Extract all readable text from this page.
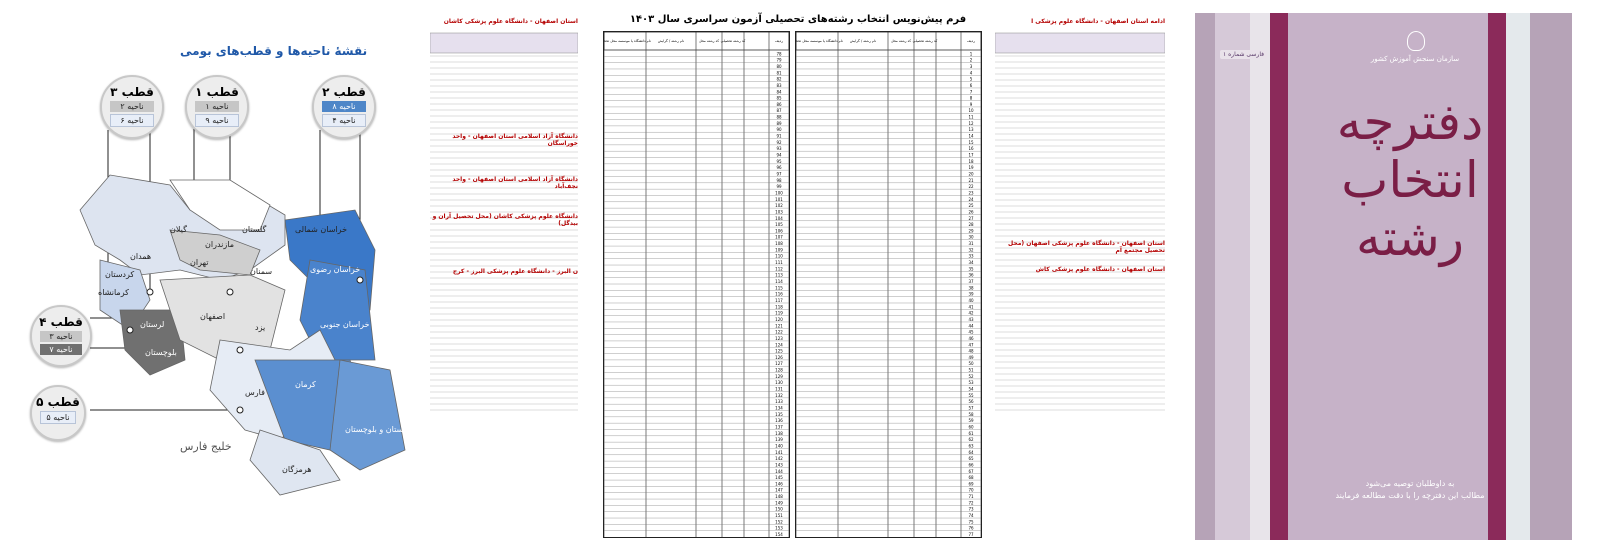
نقشهٔ ناحیه‌ها و قطب‌های بومی
قطب ۳
ناحیه ۲
ناحیه ۶
قطب ۱
ناحیه ۱
ناحیه ۹
قطب ۲
ناحیه ۸
ناحیه ۴
قطب ۴
ناحیه ۳
ناحیه ۷
قطب ۵
ناحیه ۵
گیلان
مازندران
گلستان	خراسان شمالی
خراسان رضوی
سمنان
تهران
همدان
کردستان
کرمانشاه
لرستان
اصفهان
یزد	خراسان جنوبی
کرمان
فارس
بلوچستان
هرمزگان
سیستان و بلوچستان
خلیج فارس
استان اصفهان - دانشگاه علوم پزشکی کاشان
دانشگاه آزاد اسلامی استان اصفهان - واحد خوراسگان
دانشگاه آزاد اسلامی استان اصفهان - واحد نجف‌آباد
دانشگاه علوم پزشکی کاشان (محل تحصیل آران و بیدگل)
ن البرز - دانشگاه علوم پزشکی البرز - کرج
فرم پیش‌نویس انتخاب رشته‌های تحصیلی آزمون سراسری سال ۱۴۰۳
نام دانشگاه یا موسسه محل تحصیل نام رشته / گرایش	کد رشته محل کد رشته تحصیلی	ردیف
78
79
80
81
82
83
84
85
86
87
88
89
90
91
92
93
94
95
96
97
98
99
100
101
102
103
104
105
106
107
108
109
110
111
112
113
114
115
116
117
118
119
120
121
122
123
124
125
126
127
128
129
130
131
132
133
134
135
136
137
138
139
140
141
142
143
144
145
146
147
148
149
150
151
152
153
154
نام دانشگاه یا موسسه محل تحصیل نام رشته / گرایش	کد رشته محل کد رشته تحصیلی	ردیف
1
2
3
4
5
6
7
8
9
10
11
12
13
14
15
16
17
18
19
20
21
22
23
24
25
26
27
28
29
30
31
32
33
34
35
36
37
38
39
40
41
42
43
44
45
46
47
48
49
50
51
52
53
54
55
56
57
58
59
60
61
62
63
64
65
66
67
68
69
70
71
72
73
74
75
76
77
ادامه استان اصفهان - دانشگاه علوم پزشکی ا
استان اصفهان - دانشگاه علوم پزشکی اصفهان (محل تحصیل مجتمع آم
استان اصفهان - دانشگاه علوم پزشکی کاش
فارسی شماره ۱
سازمان سنجش آموزش کشور
دفترچه
انتخاب
رشته
به داوطلبان توصیه می‌شود
مطالب این دفترچه را با دقت مطالعه فرمایند
